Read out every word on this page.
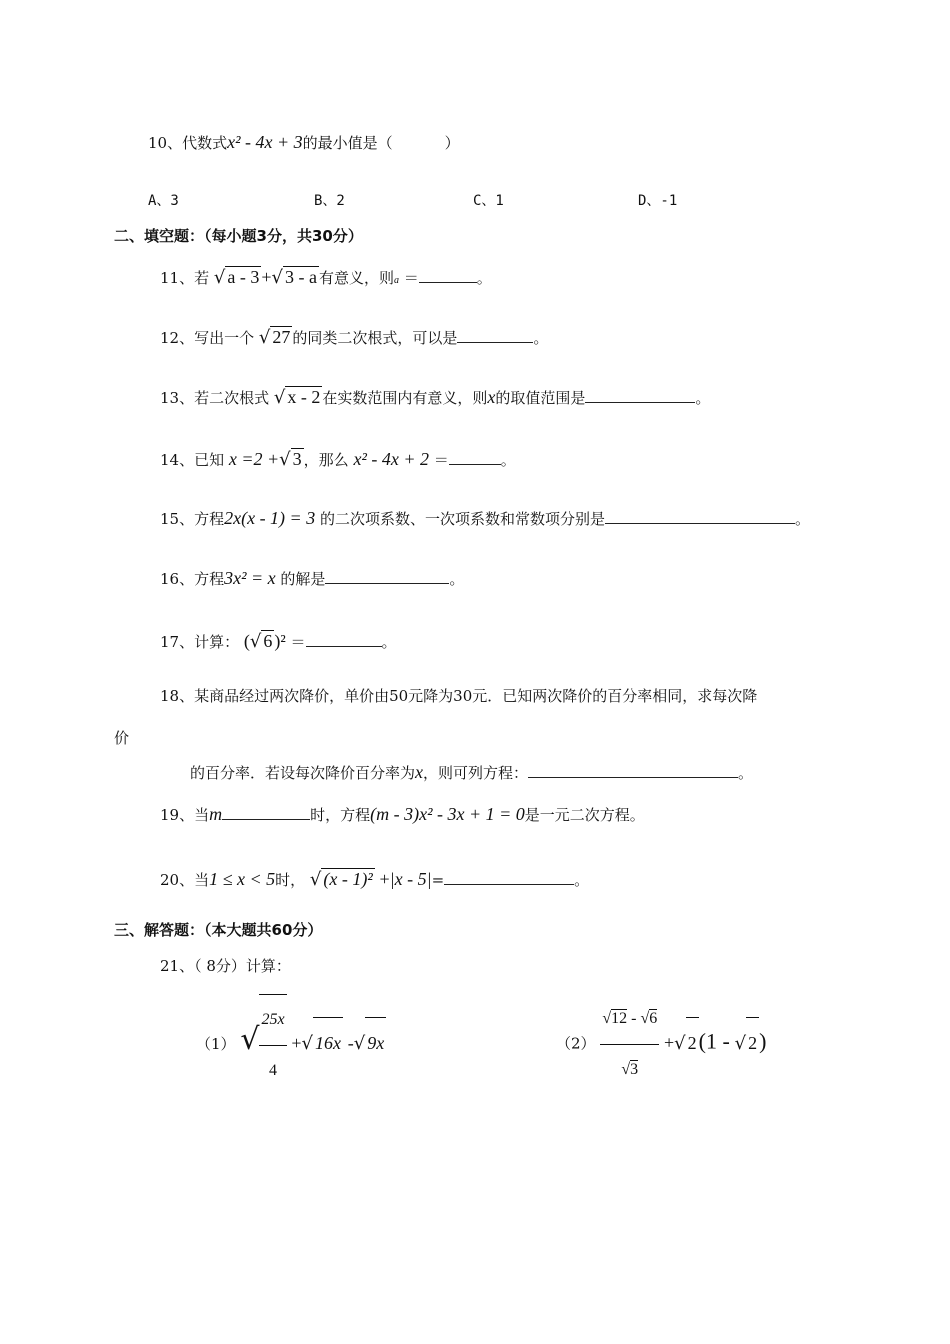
10、代数式x² - 4x + 3的最小值是（	）
A、3	B、2	C、1	D、-1
二、填空题：（每小题3分，共30分）
11、若 √ a - 3 +√ 3 - a 有意义，则a ＝	。
12、写出一个 √ 27 的同类二次根式，可以是	。
13、若二次根式 √ x - 2 在实数范围内有意义，则x的取值范围是	。
14、已知 x =2 +√ 3 ，那么 x² - 4x + 2 ＝	。
15、方程2x(x - 1) = 3 的二次项系数、一次项系数和常数项分别是	。
16、方程3x² = x 的解是	。
17、计算： (√ 6 )² ＝	。
18、某商品经过两次降价，单价由50元降为30元．已知两次降价的百分率相同，求每次降
价
的百分率．若设每次降价百分率为x，则可列方程：	。
19、当m	时，方程(m - 3)x² - 3x + 1 = 0是一元二次方程。
20、当1 ≤ x < 5时， √ (x - 1)² +|x - 5|=	。
三、解答题：（本大题共60分）
21、（ 8分）计算：
（1） √ $\frac{25x}{4}$ +√ 16x -√ 9x	$(2) \frac{√12 - √6}{√3}$ +√ 2(1 - √ 2)
